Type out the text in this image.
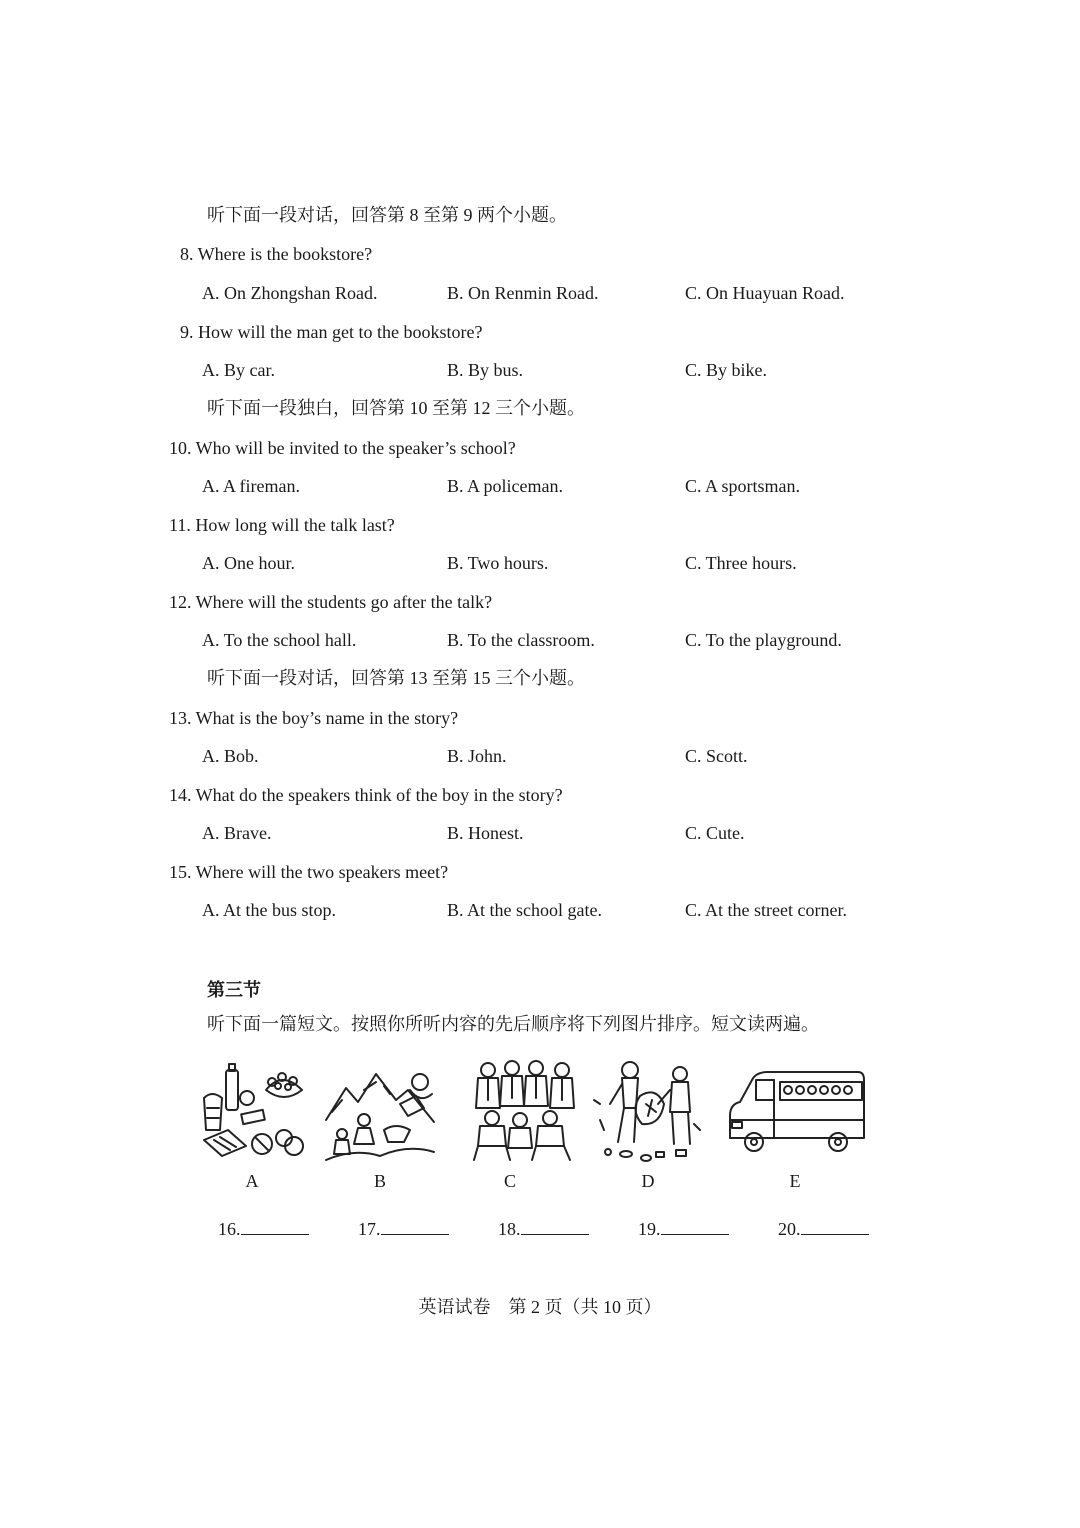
听下面一段对话，回答第 8 至第 9 两个小题。
8. Where is the bookstore?
A. On Zhongshan Road.	B. On Renmin Road.	C. On Huayuan Road.
9. How will the man get to the bookstore?
A. By car.	B. By bus.	C. By bike.
听下面一段独白，回答第 10 至第 12 三个小题。
10. Who will be invited to the speaker’s school?
A. A fireman.	B. A policeman.	C. A sportsman.
11. How long will the talk last?
A. One hour.	B. Two hours.	C. Three hours.
12. Where will the students go after the talk?
A. To the school hall.	B. To the classroom.	C. To the playground.
听下面一段对话，回答第 13 至第 15 三个小题。
13. What is the boy’s name in the story?
A. Bob.	B. John.	C. Scott.
14. What do the speakers think of the boy in the story?
A. Brave.	B. Honest.	C. Cute.
15. Where will the two speakers meet?
A. At the bus stop.	B. At the school gate.	C. At the street corner.
第三节
听下面一篇短文。按照你所听内容的先后顺序将下列图片排序。短文读两遍。
A	B	C	D	E
16.	17.	18.	19.	20.
英语试卷　第 2 页（共 10 页）
